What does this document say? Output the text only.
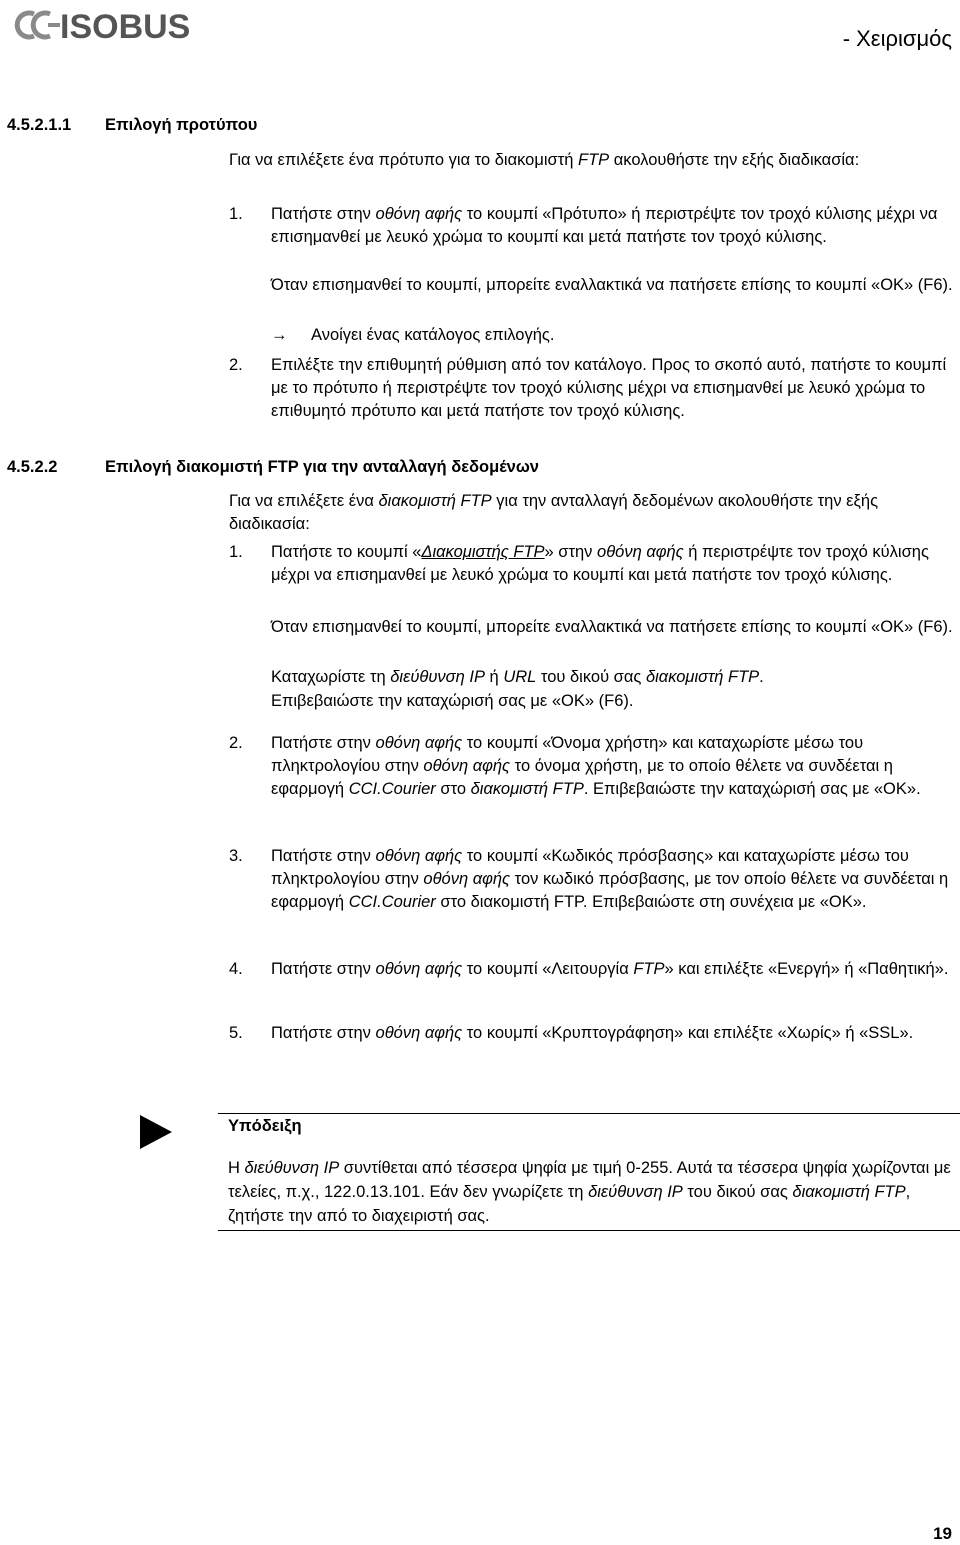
ISOBUS	- Χειρισμός
4.5.2.1.1 Επιλογή προτύπου
Για να επιλέξετε ένα πρότυπο για το διακομιστή FTP ακολουθήστε την εξής διαδικασία:
1.	Πατήστε στην οθόνη αφής το κουμπί «Πρότυπο» ή περιστρέψτε τον τροχό κύλισης μέχρι να επισημανθεί με λευκό χρώμα το κουμπί και μετά πατήστε τον τροχό κύλισης.
Όταν επισημανθεί το κουμπί, μπορείτε εναλλακτικά να πατήσετε επίσης το κουμπί «OK» (F6).
→ Ανοίγει ένας κατάλογος επιλογής.
2.	Επιλέξτε την επιθυμητή ρύθμιση από τον κατάλογο. Προς το σκοπό αυτό, πατήστε το κουμπί με το πρότυπο ή περιστρέψτε τον τροχό κύλισης μέχρι να επισημανθεί με λευκό χρώμα το επιθυμητό πρότυπο και μετά πατήστε τον τροχό κύλισης.
4.5.2.2	Επιλογή διακομιστή FTP για την ανταλλαγή δεδομένων
Για να επιλέξετε ένα διακομιστή FTP για την ανταλλαγή δεδομένων ακολουθήστε την εξής διαδικασία:
1.	Πατήστε το κουμπί «Διακομιστής FTP» στην οθόνη αφής ή περιστρέψτε τον τροχό κύλισης μέχρι να επισημανθεί με λευκό χρώμα το κουμπί και μετά πατήστε τον τροχό κύλισης.
Όταν επισημανθεί το κουμπί, μπορείτε εναλλακτικά να πατήσετε επίσης το κουμπί «OK» (F6).
Καταχωρίστε τη διεύθυνση IP ή URL του δικού σας διακομιστή FTP.
Επιβεβαιώστε την καταχώρισή σας με «OK» (F6).
2.	Πατήστε στην οθόνη αφής το κουμπί «Όνομα χρήστη» και καταχωρίστε μέσω του πληκτρολογίου στην οθόνη αφής το όνομα χρήστη, με το οποίο θέλετε να συνδέεται η εφαρμογή CCI.Courier στο διακομιστή FTP. Επιβεβαιώστε την καταχώρισή σας με «OK».
3.	Πατήστε στην οθόνη αφής το κουμπί «Κωδικός πρόσβασης» και καταχωρίστε μέσω του πληκτρολογίου στην οθόνη αφής τον κωδικό πρόσβασης, με τον οποίο θέλετε να συνδέεται η εφαρμογή CCI.Courier στο διακομιστή FTP. Επιβεβαιώστε στη συνέχεια με «OK».
4.	Πατήστε στην οθόνη αφής το κουμπί «Λειτουργία FTP» και επιλέξτε «Ενεργή» ή «Παθητική».
5.	Πατήστε στην οθόνη αφής το κουμπί «Κρυπτογράφηση» και επιλέξτε «Χωρίς» ή «SSL».
Υπόδειξη
Η διεύθυνση IP συντίθεται από τέσσερα ψηφία με τιμή 0-255. Αυτά τα τέσσερα ψηφία χωρίζονται με τελείες, π.χ., 122.0.13.101. Εάν δεν γνωρίζετε τη διεύθυνση IP του δικού σας διακομιστή FTP, ζητήστε την από το διαχειριστή σας.
19
